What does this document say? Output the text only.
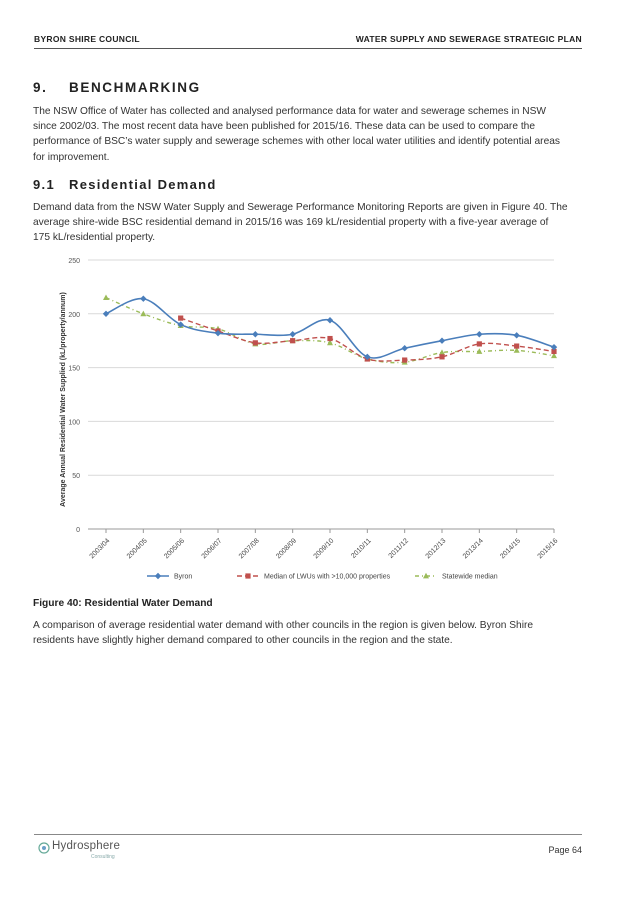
BYRON SHIRE COUNCIL	WATER SUPPLY AND SEWERAGE STRATEGIC PLAN
9. BENCHMARKING

The NSW Office of Water has collected and analysed performance data for water and sewerage schemes in NSW since 2002/03. The most recent data have been published for 2015/16. These data can be used to compare the performance of BSC’s water supply and sewerage schemes with other local water utilities and identify potential areas for improvement.

9.1 Residential Demand

Demand data from the NSW Water Supply and Sewerage Performance Monitoring Reports are given in Figure 40. The average shire-wide BSC residential demand in 2015/16 was 169 kL/residential property with a five-year average of 175 kL/residential property.

0
50
100
150
200
250
Average Annual Residential Water Supplied (kL/property/annum)
2003/04 2004/05 2005/06 2006/07 2007/08 2008/09 2009/10 2010/11 2011/12 2012/13 2013/14 2014/15 2015/16
Byron	Median of LWUs with >10,000 properties	Statewide median

Figure 40: Residential Water Demand

A comparison of average residential water demand with other councils in the region is given below. Byron Shire residents have slightly higher demand compared to other councils in the region and the state.

Hydrosphere
Consulting
Page 64
